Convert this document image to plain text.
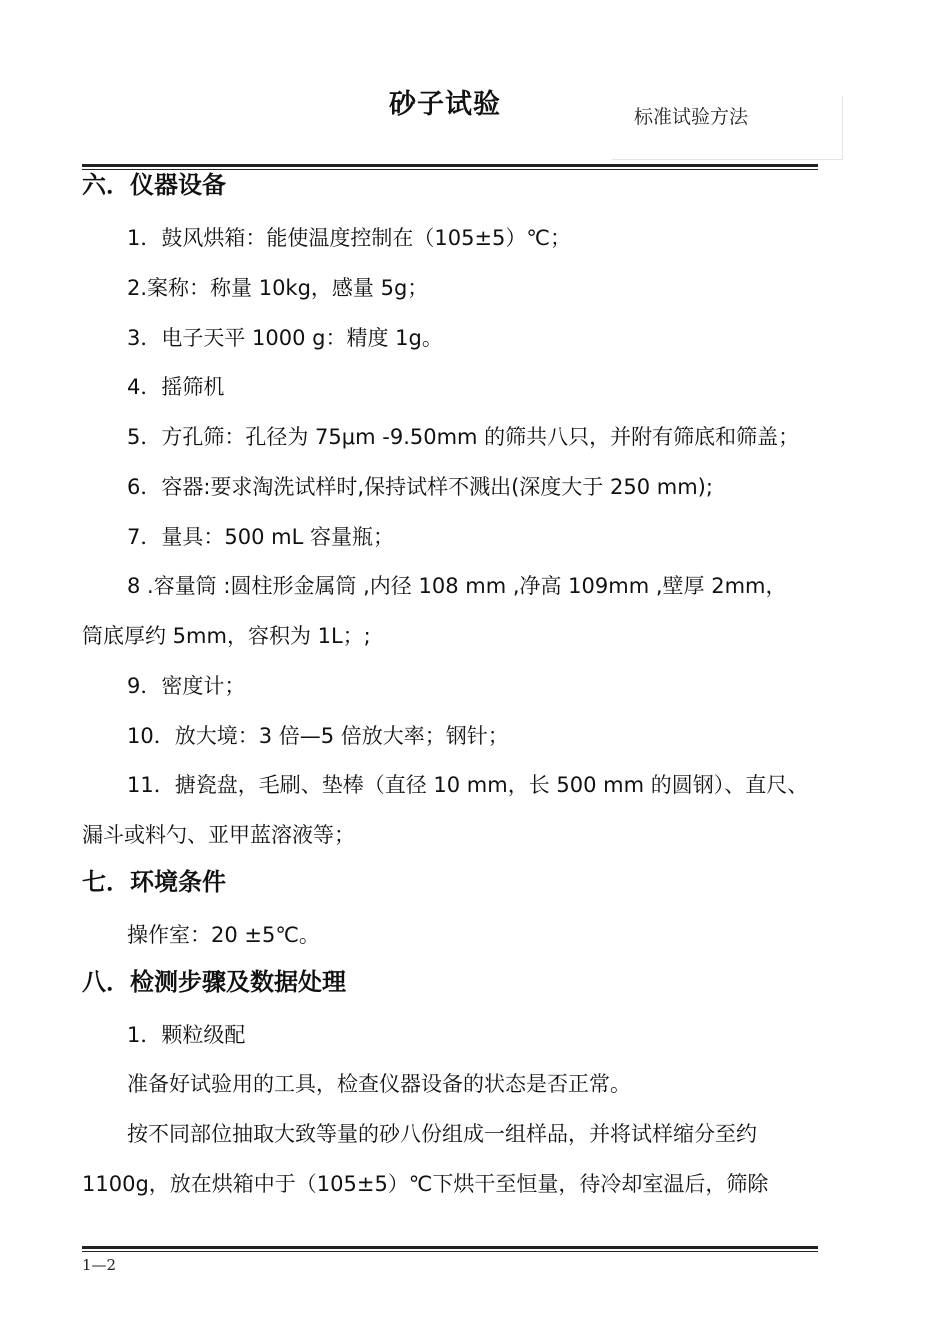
砂子试验	标准试验方法
六．仪器设备
1．鼓风烘箱：能使温度控制在（105±5）℃；
2.案称：称量 10kg，感量 5g；
3．电子天平 1000 g：精度 1g。
4．摇筛机
5．方孔筛：孔径为 75μm -9.50mm 的筛共八只，并附有筛底和筛盖；
6．容器:要求淘洗试样时,保持试样不溅出(深度大于 250 mm);
7．量具：500 mL 容量瓶；
8 .容量筒 :圆柱形金属筒 ,内径 108 mm ,净高 109mm ,壁厚 2mm，
筒底厚约 5mm，容积为 1L；;
9．密度计；
10．放大境：3 倍—5 倍放大率；钢针；
11．搪瓷盘，毛刷、垫棒（直径 10 mm，长 500 mm 的圆钢）、直尺、
漏斗或料勺、亚甲蓝溶液等；
七．环境条件
操作室：20 ±5℃。
八．检测步骤及数据处理
1．颗粒级配
准备好试验用的工具，检查仪器设备的状态是否正常。
按不同部位抽取大致等量的砂八份组成一组样品，并将试样缩分至约
1100g，放在烘箱中于（105±5）℃下烘干至恒量，待冷却室温后，筛除
1—2
